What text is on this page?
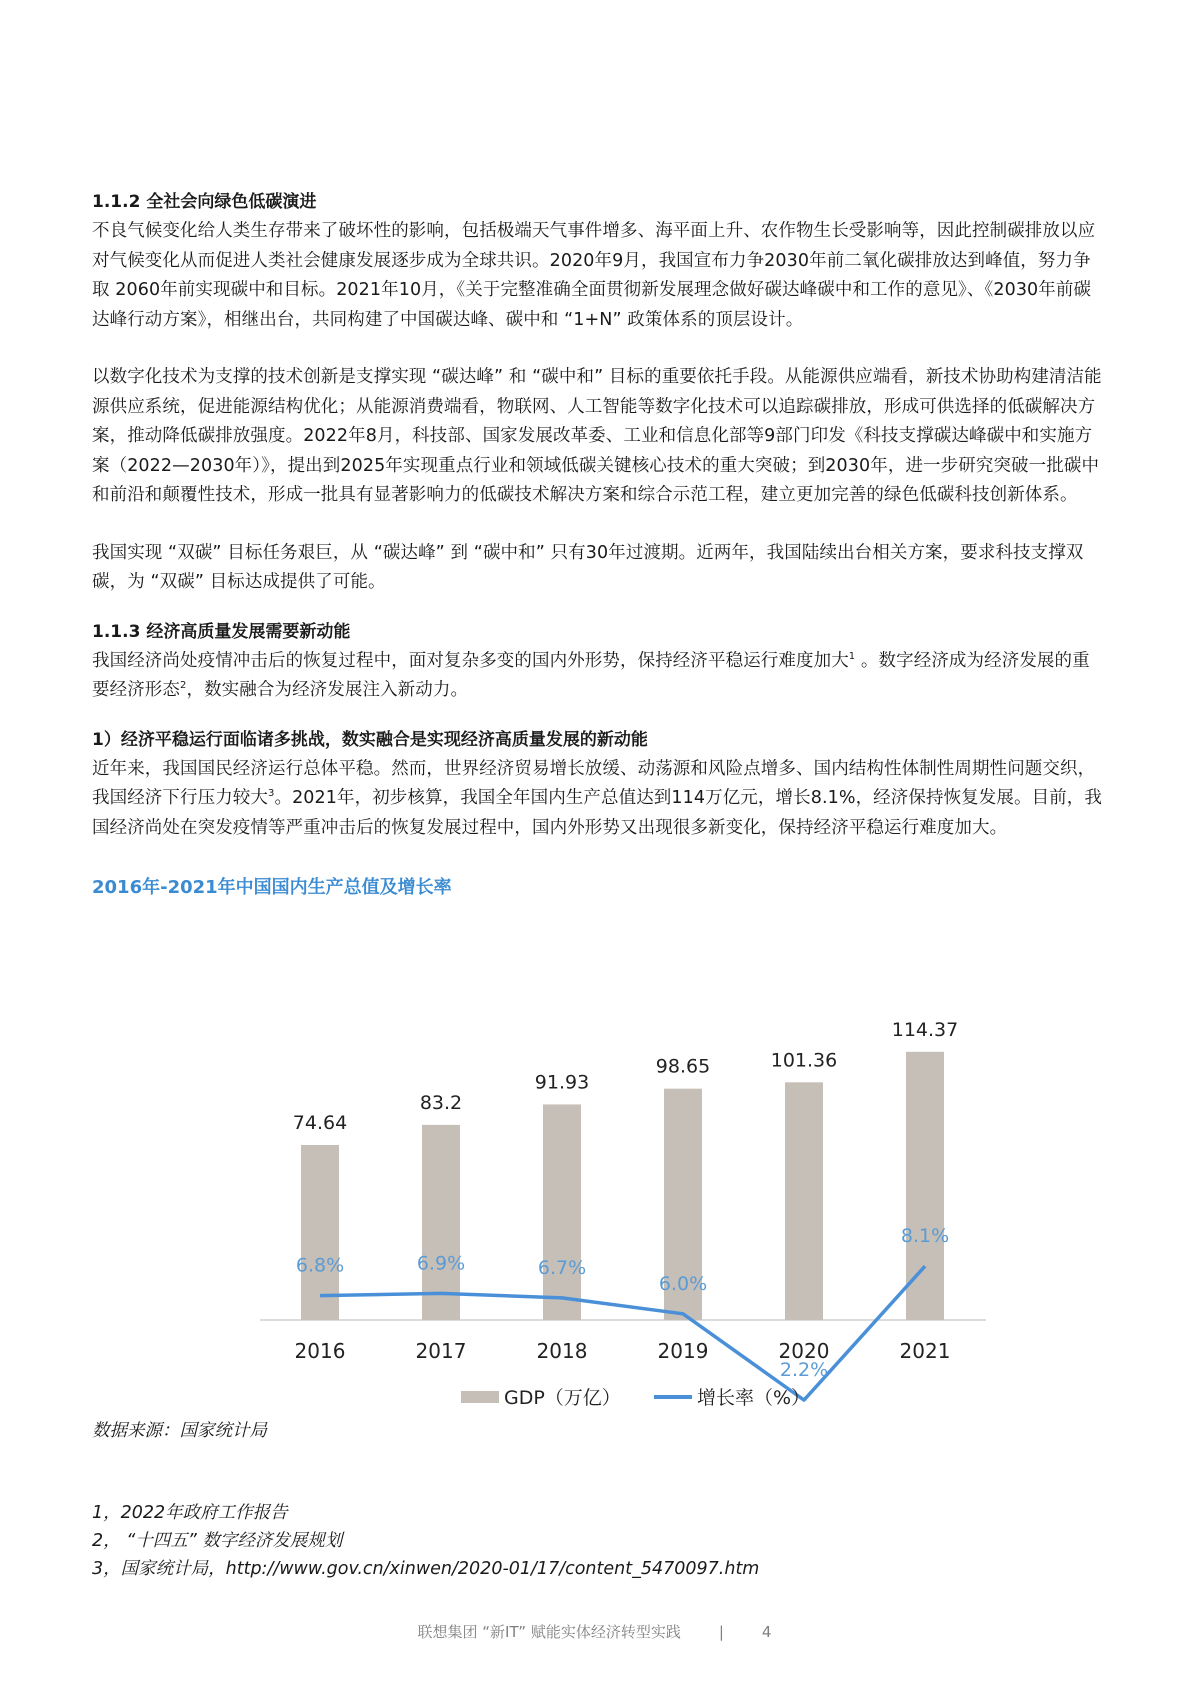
1.1.2 全社会向绿色低碳演进

不良气候变化给人类生存带来了破坏性的影响，包括极端天气事件增多、海平面上升、农作物生长受影响等，因此控制碳排放以应对气候变化从而促进人类社会健康发展逐步成为全球共识。2020年9月，我国宣布力争2030年前二氧化碳排放达到峰值，努力争取 2060年前实现碳中和目标。2021年10月，《关于完整准确全面贯彻新发展理念做好碳达峰碳中和工作的意见》、《2030年前碳达峰行动方案》，相继出台，共同构建了中国碳达峰、碳中和 “1+N” 政策体系的顶层设计。

以数字化技术为支撑的技术创新是支撑实现 “碳达峰” 和 “碳中和” 目标的重要依托手段。从能源供应端看，新技术协助构建清洁能源供应系统，促进能源结构优化；从能源消费端看，物联网、人工智能等数字化技术可以追踪碳排放，形成可供选择的低碳解决方案，推动降低碳排放强度。2022年8月，科技部、国家发展改革委、工业和信息化部等9部门印发《科技支撑碳达峰碳中和实施方案（2022—2030年）》，提出到2025年实现重点行业和领域低碳关键核心技术的重大突破；到2030年，进一步研究突破一批碳中和前沿和颠覆性技术，形成一批具有显著影响力的低碳技术解决方案和综合示范工程，建立更加完善的绿色低碳科技创新体系。

我国实现 “双碳” 目标任务艰巨，从 “碳达峰” 到 “碳中和” 只有30年过渡期。近两年，我国陆续出台相关方案，要求科技支撑双碳，为 “双碳” 目标达成提供了可能。

1.1.3 经济高质量发展需要新动能

我国经济尚处疫情冲击后的恢复过程中，面对复杂多变的国内外形势，保持经济平稳运行难度加大$^1$ 。数字经济成为经济发展的重要经济形态$^2$，数实融合为经济发展注入新动力。

1）经济平稳运行面临诸多挑战，数实融合是实现经济高质量发展的新动能

近年来，我国国民经济运行总体平稳。然而，世界经济贸易增长放缓、动荡源和风险点增多、国内结构性体制性周期性问题交织，我国经济下行压力较大$^3$。2021年，初步核算，我国全年国内生产总值达到114万亿元，增长8.1%，经济保持恢复发展。目前，我国经济尚处在突发疫情等严重冲击后的恢复发展过程中，国内外形势又出现很多新变化，保持经济平稳运行难度加大。

2016年-2021年中国国内生产总值及增长率

74.64
2016
83.2
2017
91.93
2018
98.65
2019
101.36
2020
114.37
2021
6.8%	6.9%	6.7%
6.0%
2.2%
8.1%
GDP（万亿）	增长率（%）

数据来源：国家统计局

1，2022年政府工作报告
2， “十四五” 数字经济发展规划
3，国家统计局，http://www.gov.cn/xinwen/2020-01/17/content_5470097.htm
联想集团 “新IT” 赋能实体经济转型实践	|	4
